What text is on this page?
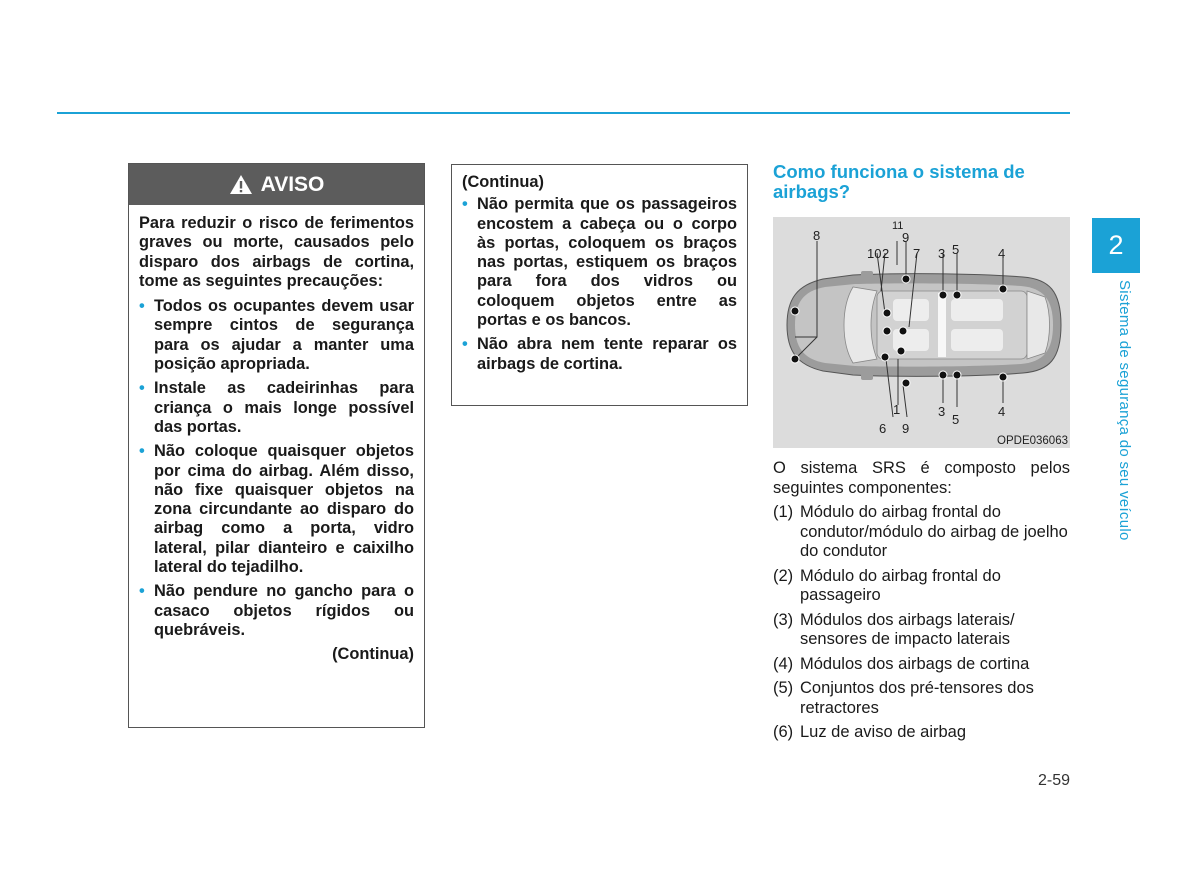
AVISO

Para reduzir o risco de ferimentos graves ou morte, causados pelo disparo dos airbags de cortina, tome as seguintes precauções:

• Todos os ocupantes devem usar sempre cintos de segurança para os ajudar a manter uma posição apropriada.
• Instale as cadeirinhas para criança o mais longe possível das portas.
• Não coloque quaisquer objetos por cima do airbag. Além disso, não fixe quaisquer objetos na zona circundante ao disparo do airbag como a porta, vidro lateral, pilar dianteiro e caixilho lateral do tejadilho.
• Não pendure no gancho para o casaco objetos rígidos ou quebráveis.
(Continua)

(Continua)

• Não permita que os passageiros encostem a cabeça ou o corpo às portas, coloquem os braços nas portas, estiquem os braços para fora dos vidros ou coloquem objetos entre as portas e os bancos.
• Não abra nem tente reparar os airbags de cortina.
Como funciona o sistema de airbags?
8
10 2
11
9
7 3 5	4
1
6 9
3
5
4
OPDE036063

O sistema SRS é composto pelos seguintes componentes:

(1) Módulo do airbag frontal do condutor/módulo do airbag de joelho do condutor
(2) Módulo do airbag frontal do passageiro
(3) Módulos dos airbags laterais/ sensores de impacto laterais
(4) Módulos dos airbags de cortina
(5) Conjuntos dos pré-tensores dos retractores
(6) Luz de aviso de airbag
2-59
2
Sistema de segurança do seu veículo
